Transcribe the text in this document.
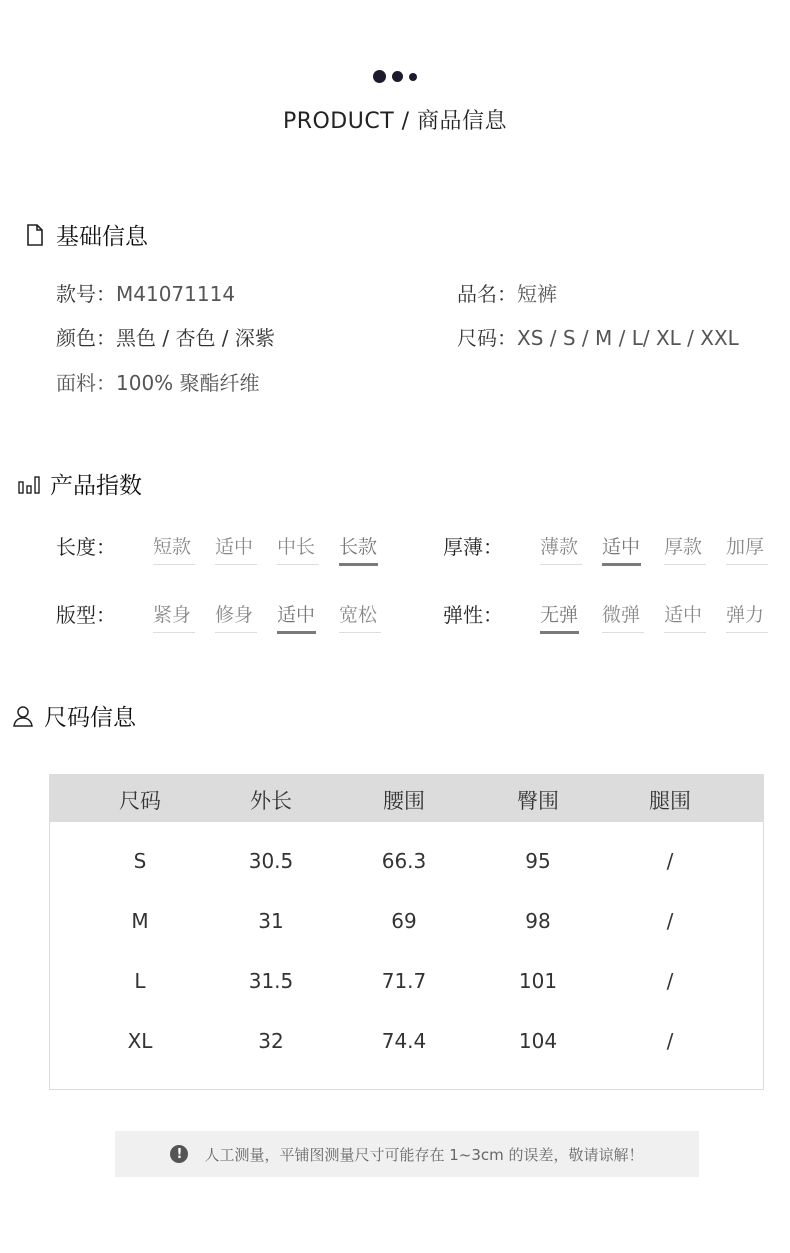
PRODUCT / 商品信息
基础信息
款号：M41071114	品名：短裤
颜色：黑色 / 杏色 / 深紫	尺码：XS / S / M / L/ XL / XXL
面料：100% 聚酯纤维
产品指数
长度： 短款	适中	中长	长款	厚薄： 薄款	适中	厚款	加厚
版型： 紧身	修身	适中	宽松	弹性： 无弹	微弹	适中	弹力
尺码信息
尺码	外长	腰围	臀围	腿围
S	30.5	66.3	95	/
M	31	69	98	/
L	31.5	71.7	101	/
XL	32	74.4	104	/
!	人工测量，平铺图测量尺寸可能存在 1~3cm 的误差，敬请谅解！
